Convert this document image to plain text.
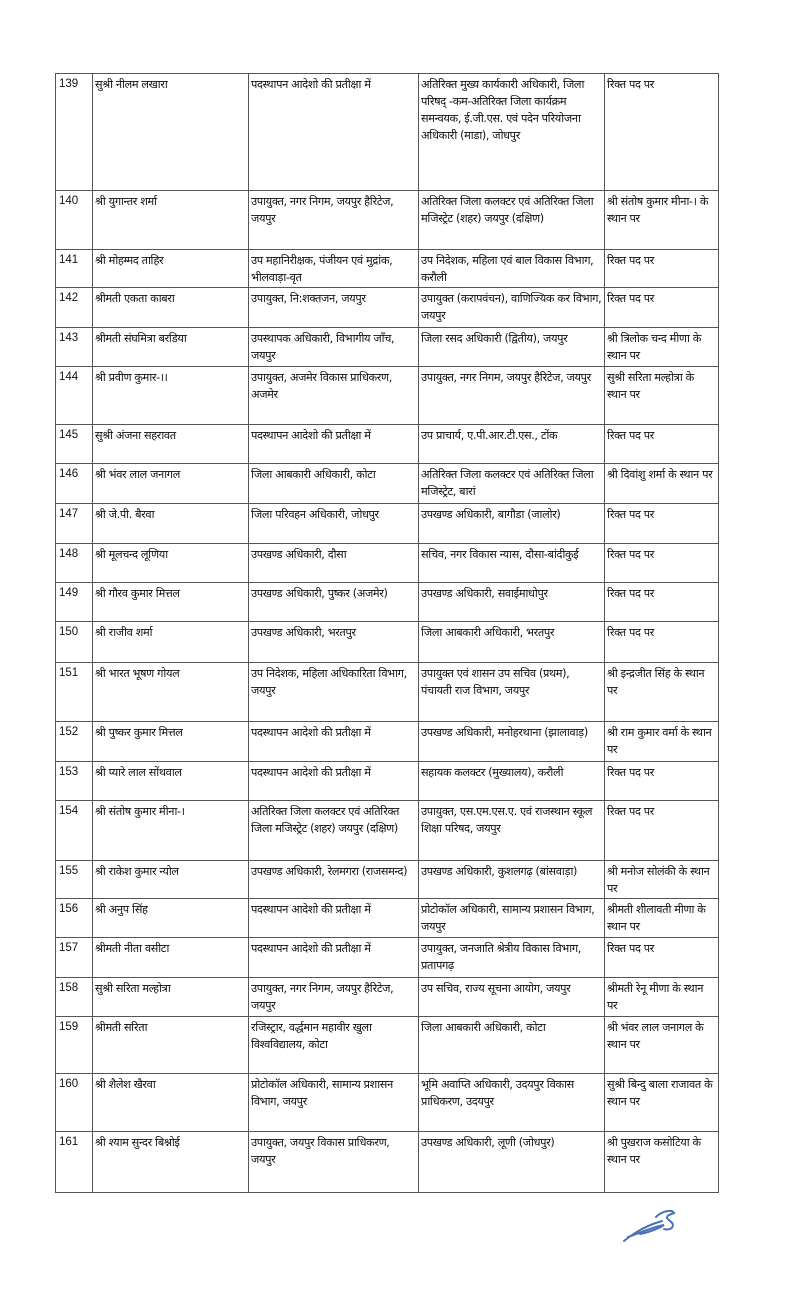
139	सुश्री नीलम लखारा	पदस्थापन आदेशो की प्रतीक्षा में	अतिरिक्त मुख्य कार्यकारी अधिकारी, जिला परिषद् -कम-अतिरिक्त जिला कार्यक्रम समन्वयक, ई.जी.एस. एवं पदेन परियोजना अधिकारी (माडा), जोधपुर	रिक्त पद पर
140	श्री युगान्तर शर्मा	उपायुक्त, नगर निगम, जयपुर हैरिटेज, जयपुर	अतिरिक्त जिला कलक्टर एवं अतिरिक्त जिला मजिस्ट्रेट (शहर) जयपुर (दक्षिण)	श्री संतोष कुमार मीना-। के स्थान पर
141	श्री मोहम्मद ताहिर	उप महानिरीक्षक, पंजीयन एवं मुद्रांक, भीलवाड़ा-वृत	उप निदेशक, महिला एवं बाल विकास विभाग, करौली	रिक्त पद पर
142	श्रीमती एकता काबरा	उपायुक्त, नि:शक्तजन, जयपुर	उपायुक्त (करापवंचन), वाणिज्यिक कर विभाग, जयपुर	रिक्त पद पर
143	श्रीमती संघमित्रा बरडिया	उपस्थापक अधिकारी, विभागीय जाँच, जयपुर	जिला रसद अधिकारी (द्वितीय), जयपुर	श्री त्रिलोक चन्द मीणा के स्थान पर
144	श्री प्रवीण कुमार-।।	उपायुक्त, अजमेर विकास प्राधिकरण, अजमेर	उपायुक्त, नगर निगम, जयपुर हैरिटेज, जयपुर	सुश्री सरिता मल्होत्रा के स्थान पर
145	सुश्री अंजना सहरावत	पदस्थापन आदेशो की प्रतीक्षा में	उप प्राचार्य, ए.पी.आर.टी.एस., टोंक	रिक्त पद पर
146	श्री भंवर लाल जनागल	जिला आबकारी अधिकारी, कोटा	अतिरिक्त जिला कलक्टर एवं अतिरिक्त जिला मजिस्ट्रेट, बारां	श्री दिवांशु शर्मा के स्थान पर
147	श्री जे.पी. बैरवा	जिला परिवहन अधिकारी, जोधपुर	उपखण्ड अधिकारी, बागौडा (जालोर)	रिक्त पद पर
148	श्री मूलचन्द लूणिया	उपखण्ड अधिकारी, दौसा	सचिव, नगर विकास न्यास, दौसा-बांदीकुई	रिक्त पद पर
149	श्री गौरव कुमार मित्तल	उपखण्ड अधिकारी, पुष्कर (अजमेर)	उपखण्ड अधिकारी, सवाईमाधोपुर	रिक्त पद पर
150	श्री राजीव शर्मा	उपखण्ड अधिकारी, भरतपुर	जिला आबकारी अधिकारी, भरतपुर	रिक्त पद पर
151	श्री भारत भूषण गोयल	उप निदेशक, महिला अधिकारिता विभाग, जयपुर	उपायुक्त एवं शासन उप सचिव (प्रथम), पंचायती राज विभाग, जयपुर	श्री इन्द्रजीत सिंह के स्थान पर
152	श्री पुष्कर कुमार मित्तल	पदस्थापन आदेशो की प्रतीक्षा में	उपखण्ड अधिकारी, मनोहरथाना (झालावाड़)	श्री राम कुमार वर्मा के स्थान पर
153	श्री प्यारे लाल सोंथवाल	पदस्थापन आदेशो की प्रतीक्षा में	सहायक कलक्टर (मुख्यालय), करौली	रिक्त पद पर
154	श्री संतोष कुमार मीना-।	अतिरिक्त जिला कलक्टर एवं अतिरिक्त जिला मजिस्ट्रेट (शहर) जयपुर (दक्षिण)	उपायुक्त, एस.एम.एस.ए. एवं राजस्थान स्कूल शिक्षा परिषद, जयपुर	रिक्त पद पर
155	श्री राकेश कुमार न्योल	उपखण्ड अधिकारी, रेलमगरा (राजसमन्द)	उपखण्ड अधिकारी, कुशलगढ़ (बांसवाड़ा)	श्री मनोज सोलंकी के स्थान पर
156	श्री अनुप सिंह	पदस्थापन आदेशो की प्रतीक्षा में	प्रोटोकॉल अधिकारी, सामान्य प्रशासन विभाग, जयपुर	श्रीमती शीलावती मीणा के स्थान पर
157	श्रीमती नीता वसीटा	पदस्थापन आदेशो की प्रतीक्षा में	उपायुक्त, जनजाति श्रेत्रीय विकास विभाग, प्रतापगढ़	रिक्त पद पर
158	सुश्री सरिता मल्होत्रा	उपायुक्त, नगर निगम, जयपुर हैरिटेज, जयपुर	उप सचिव, राज्य सूचना आयोग, जयपुर	श्रीमती रेनू मीणा के स्थान पर
159	श्रीमती सरिता	रजिस्ट्रार, वर्द्धमान महावीर खुला विश्वविद्यालय, कोटा	जिला आबकारी अधिकारी, कोटा	श्री भंवर लाल जनागल के स्थान पर
160	श्री शैलेश खैरवा	प्रोटोकॉल अधिकारी, सामान्य प्रशासन विभाग, जयपुर	भूमि अवाप्ति अधिकारी, उदयपुर विकास प्राधिकरण, उदयपुर	सुश्री बिन्दु बाला राजावत के स्थान पर
161	श्री श्याम सुन्दर बिश्नोई	उपायुक्त, जयपुर विकास प्राधिकरण, जयपुर	उपखण्ड अधिकारी, लूणी (जोधपुर)	श्री पुखराज कसोटिया के स्थान पर
